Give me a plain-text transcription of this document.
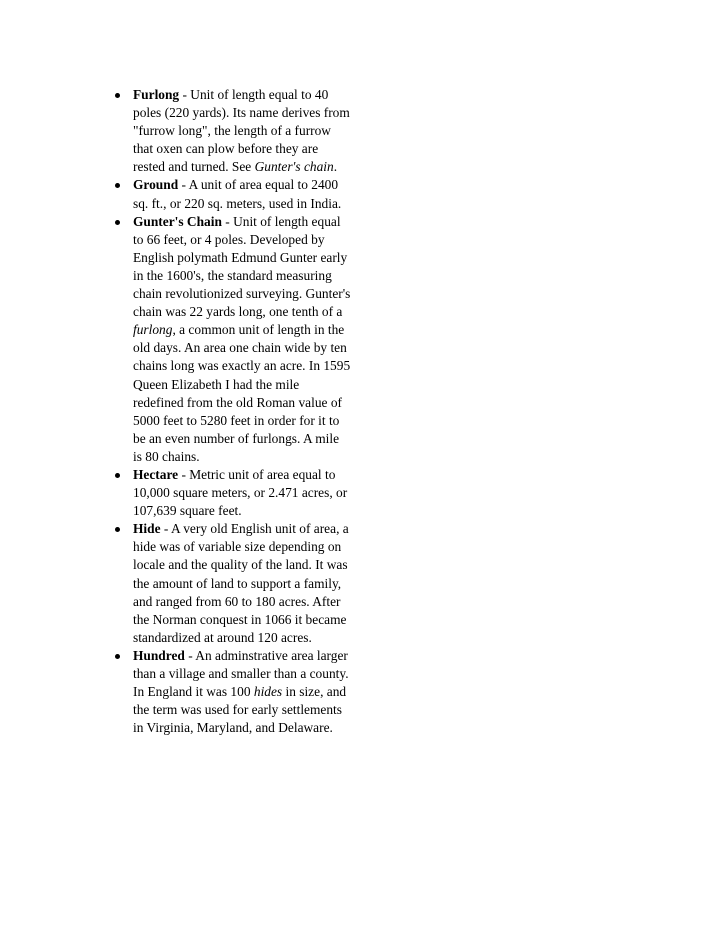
Furlong - Unit of length equal to 40 poles (220 yards). Its name derives from "furrow long", the length of a furrow that oxen can plow before they are rested and turned. See Gunter's chain.
Ground - A unit of area equal to 2400 sq. ft., or 220 sq. meters, used in India.
Gunter's Chain - Unit of length equal to 66 feet, or 4 poles. Developed by English polymath Edmund Gunter early in the 1600's, the standard measuring chain revolutionized surveying. Gunter's chain was 22 yards long, one tenth of a furlong, a common unit of length in the old days. An area one chain wide by ten chains long was exactly an acre. In 1595 Queen Elizabeth I had the mile redefined from the old Roman value of 5000 feet to 5280 feet in order for it to be an even number of furlongs. A mile is 80 chains.
Hectare - Metric unit of area equal to 10,000 square meters, or 2.471 acres, or 107,639 square feet.
Hide - A very old English unit of area, a hide was of variable size depending on locale and the quality of the land. It was the amount of land to support a family, and ranged from 60 to 180 acres. After the Norman conquest in 1066 it became standardized at around 120 acres.
Hundred - An adminstrative area larger than a village and smaller than a county. In England it was 100 hides in size, and the term was used for early settlements in Virginia, Maryland, and Delaware.
